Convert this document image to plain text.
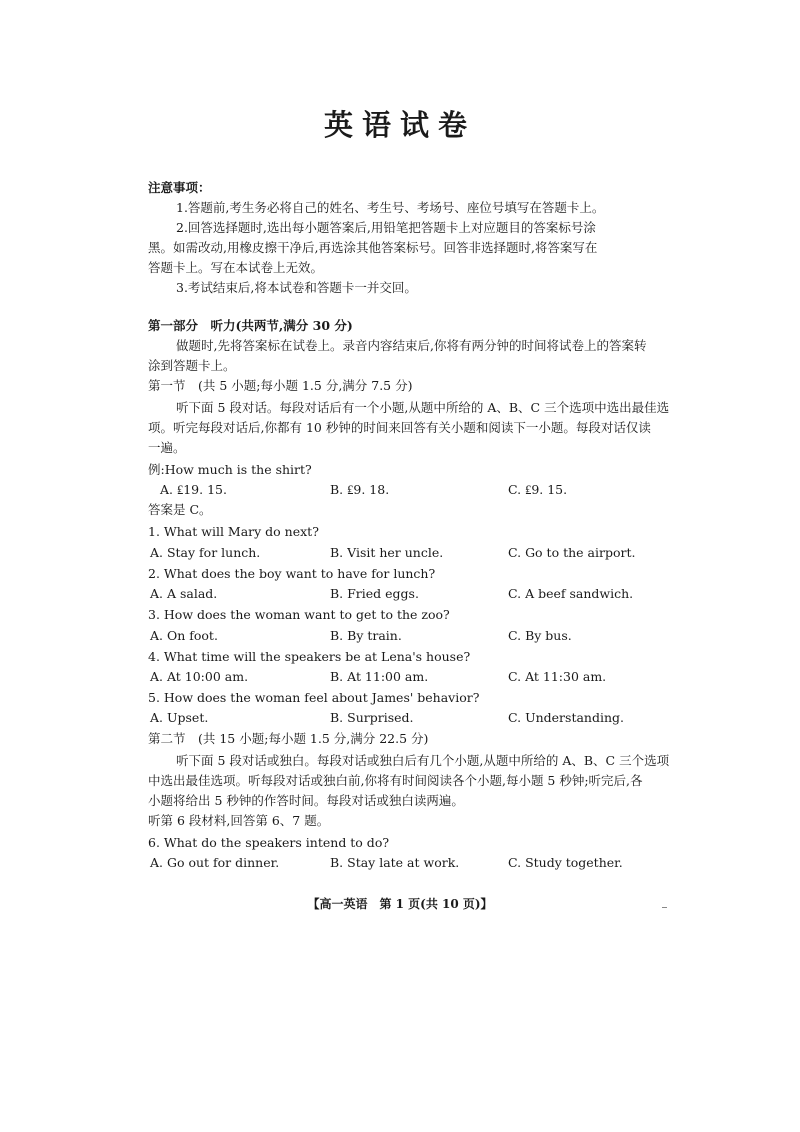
英语试卷
注意事项：
1.答题前,考生务必将自己的姓名、考生号、考场号、座位号填写在答题卡上。
2.回答选择题时,选出每小题答案后,用铅笔把答题卡上对应题目的答案标号涂
黑。如需改动,用橡皮擦干净后,再选涂其他答案标号。回答非选择题时,将答案写在
答题卡上。写在本试卷上无效。
3.考试结束后,将本试卷和答题卡一并交回。
第一部分　听力(共两节,满分 30 分)
做题时,先将答案标在试卷上。录音内容结束后,你将有两分钟的时间将试卷上的答案转
涂到答题卡上。
第一节　(共 5 小题;每小题 1.5 分,满分 7.5 分)
听下面 5 段对话。每段对话后有一个小题,从题中所给的 A、B、C 三个选项中选出最佳选
项。听完每段对话后,你都有 10 秒钟的时间来回答有关小题和阅读下一小题。每段对话仅读
一遍。
例:How much is the shirt?
A. ₤19. 15.	B. ₤9. 18.	C. ₤9. 15.
答案是 C。
1. What will Mary do next?
A. Stay for lunch.	B. Visit her uncle.	C. Go to the airport.
2. What does the boy want to have for lunch?
A. A salad.	B. Fried eggs.	C. A beef sandwich.
3. How does the woman want to get to the zoo?
A. On foot.	B. By train.	C. By bus.
4. What time will the speakers be at Lena's house?
A. At 10:00 am.	B. At 11:00 am.	C. At 11:30 am.
5. How does the woman feel about James' behavior?
A. Upset.	B. Surprised.	C. Understanding.
第二节　(共 15 小题;每小题 1.5 分,满分 22.5 分)
听下面 5 段对话或独白。每段对话或独白后有几个小题,从题中所给的 A、B、C 三个选项
中选出最佳选项。听每段对话或独白前,你将有时间阅读各个小题,每小题 5 秒钟;听完后,各
小题将给出 5 秒钟的作答时间。每段对话或独白读两遍。
听第 6 段材料,回答第 6、7 题。
6. What do the speakers intend to do?
A. Go out for dinner.	B. Stay late at work.	C. Study together.
【高一英语　第 1 页(共 10 页)】
